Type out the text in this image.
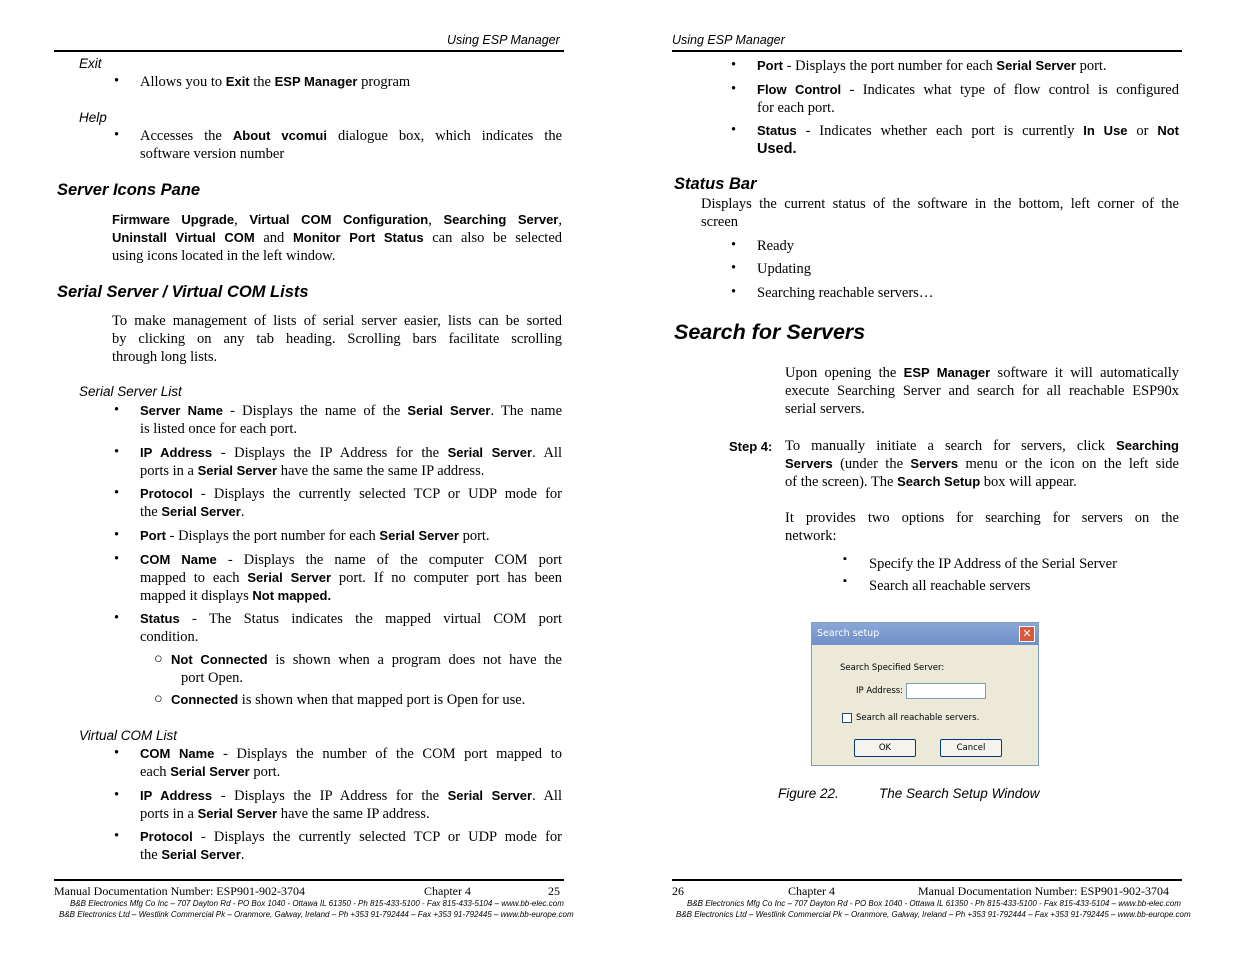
Using ESP Manager
Exit
• Allows you to Exit the ESP Manager program
Help
• Accesses the About vcomui dialogue box, which indicates the
software version number
Server Icons Pane
Firmware Upgrade, Virtual COM Configuration, Searching Server,
Uninstall Virtual COM and Monitor Port Status can also be selected
using icons located in the left window.
Serial Server / Virtual COM Lists
To make management of lists of serial server easier, lists can be sorted
by clicking on any tab heading. Scrolling bars facilitate scrolling
through long lists.
Serial Server List
• Server Name - Displays the name of the Serial Server. The name
is listed once for each port.
• IP Address - Displays the IP Address for the Serial Server. All
ports in a Serial Server have the same the same IP address.
• Protocol - Displays the currently selected TCP or UDP mode for
the Serial Server.
• Port - Displays the port number for each Serial Server port.
• COM Name - Displays the name of the computer COM port
mapped to each Serial Server port. If no computer port has been
mapped it displays Not mapped.
• Status - The Status indicates the mapped virtual COM port
condition.
○ Not Connected is shown when a program does not have the
port Open.
○ Connected is shown when that mapped port is Open for use.
Virtual COM List
• COM Name - Displays the number of the COM port mapped to
each Serial Server port.
• IP Address - Displays the IP Address for the Serial Server. All
ports in a Serial Server have the same IP address.
• Protocol - Displays the currently selected TCP or UDP mode for
the Serial Server.
Manual Documentation Number: ESP901-902-3704	Chapter 4	25
B&B Electronics Mfg Co Inc – 707 Dayton Rd - PO Box 1040 - Ottawa IL 61350 - Ph 815-433-5100 - Fax 815-433-5104 – www.bb-elec.com
B&B Electronics Ltd – Westlink Commercial Pk – Oranmore, Galway, Ireland – Ph +353 91-792444 – Fax +353 91-792445 – www.bb-europe.com
Using ESP Manager
• Port - Displays the port number for each Serial Server port.
• Flow Control - Indicates what type of flow control is configured
for each port.
• Status - Indicates whether each port is currently In Use or Not
Used.
Status Bar
Displays the current status of the software in the bottom, left corner of the
screen
• Ready
• Updating
• Searching reachable servers…
Search for Servers
Upon opening the ESP Manager software it will automatically
execute Searching Server and search for all reachable ESP90x
serial servers.
Step 4: To manually initiate a search for servers, click Searching
Servers (under the Servers menu or the icon on the left side
of the screen). The Search Setup box will appear.
It provides two options for searching for servers on the
network:
▪ Specify the IP Address of the Serial Server
▪ Search all reachable servers
Search setup	✕
Search Specified Server:
IP Address:
Search all reachable servers.
OK	Cancel
Figure 22.	The Search Setup Window
26	Chapter 4	Manual Documentation Number: ESP901-902-3704
B&B Electronics Mfg Co Inc – 707 Dayton Rd - PO Box 1040 - Ottawa IL 61350 - Ph 815-433-5100 - Fax 815-433-5104 – www.bb-elec.com
B&B Electronics Ltd – Westlink Commercial Pk – Oranmore, Galway, Ireland – Ph +353 91-792444 – Fax +353 91-792445 – www.bb-europe.com
